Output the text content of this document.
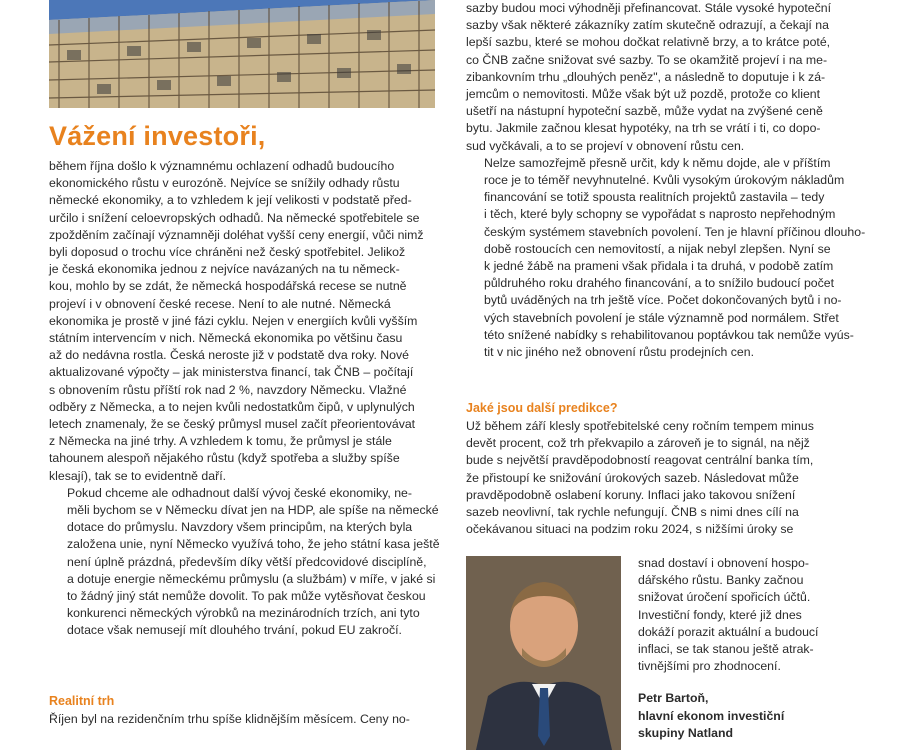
Vážení investoři,

během října došlo k významnému ochlazení odhadů budoucího
ekonomického růstu v eurozóně. Nejvíce se snížily odhady růstu
německé ekonomiky, a to vzhledem k její velikosti v podstatě před-
určilo i snížení celoevropských odhadů. Na německé spotřebitele se
zpožděním začínají významněji doléhat vyšší ceny energií, vůči nimž
byli doposud o trochu více chráněni než český spotřebitel. Jelikož
je česká ekonomika jednou z nejvíce navázaných na tu německ-
kou, mohlo by se zdát, že německá hospodářská recese se nutně
projeví i v obnovení české recese. Není to ale nutné. Německá
ekonomika je prostě v jiné fázi cyklu. Nejen v energiích kvůli vyšším
státním intervencím v nich. Německá ekonomika po většinu času
až do nedávna rostla. Česká neroste již v podstatě dva roky. Nové
aktualizované výpočty – jak ministerstva financí, tak ČNB – počítají
s obnovením růstu příští rok nad 2 %, navzdory Německu. Vlažné
odběry z Německa, a to nejen kvůli nedostatkům čipů, v uplynulých
letech znamenaly, že se český průmysl musel začít přeorientovávat
z Německa na jiné trhy. A vzhledem k tomu, že průmysl je stále
tahounem alespoň nějakého růstu (když spotřeba a služby spíše
klesají), tak se to evidentně daří.

Pokud chceme ale odhadnout další vývoj české ekonomiky, ne-
měli bychom se v Německu dívat jen na HDP, ale spíše na německé
dotace do průmyslu. Navzdory všem principům, na kterých byla
založena unie, nyní Německo využívá toho, že jeho státní kasa ještě
není úplně prázdná, především díky větší předcovidové disciplíně,
a dotuje energie německému průmyslu (a službám) v míře, v jaké si
to žádný jiný stát nemůže dovolit. To pak může vytěsňovat českou
konkurenci německých výrobků na mezinárodních trzích, ani tyto
dotace však nemusejí mít dlouhého trvání, pokud EU zakročí.

Realitní trh
Říjen byl na rezidenčním trhu spíše klidnějším měsícem. Ceny no-

sazby budou moci výhodněji přefinancovat. Stále vysoké hypoteční
sazby však některé zákazníky zatím skutečně odrazují, a čekají na
lepší sazbu, které se mohou dočkat relativně brzy, a to krátce poté,
co ČNB začne snižovat své sazby. To se okamžitě projeví i na me-
zibankovním trhu „dlouhých peněz", a následně to doputuje i k zá-
jemcům o nemovitosti. Může však být už pozdě, protože co klient
ušetří na nástupní hypoteční sazbě, může vydat na zvýšené ceně
bytu. Jakmile začnou klesat hypotéky, na trh se vrátí i ti, co dopo-
sud vyčkávali, a to se projeví v obnovení růstu cen.

Nelze samozřejmě přesně určit, kdy k němu dojde, ale v příštím
roce je to téměř nevyhnutelné. Kvůli vysokým úrokovým nákladům
financování se totiž spousta realitních projektů zastavila – tedy
i těch, které byly schopny se vypořádat s naprosto nepřehodným
českým systémem stavebních povolení. Ten je hlavní příčinou dlouho-
době rostoucích cen nemovitostí, a nijak nebyl zlepšen. Nyní se
k jedné žábě na prameni však přidala i ta druhá, v podobě zatím
půldruhého roku drahého financování, a to snížilo budoucí počet
bytů uváděných na trh ještě více. Počet dokončovaných bytů i no-
vých stavebních povolení je stále významně pod normálem. Střet
této snížené nabídky s rehabilitovanou poptávkou tak nemůže vyús-
tit v nic jiného než obnovení růstu prodejních cen.

Jaké jsou další predikce?
Už během září klesly spotřebitelské ceny ročním tempem minus
devět procent, což trh překvapilo a zároveň je to signál, na nějž
bude s největší pravděpodobností reagovat centrální banka tím,
že přistoupí ke snižování úrokových sazeb. Následovat může
pravděpodobně oslabení koruny. Inflaci jako takovou snížení
sazeb neovlivní, tak rychle nefungují. ČNB s nimi dnes cílí na
očekávanou situaci na podzim roku 2024, s nižšími úroky se
snad dostaví i obnovení hospo-
dářského růstu. Banky začnou
snižovat úročení spořicích účtů.
Investiční fondy, které již dnes
dokáží porazit aktuální a budoucí
inflaci, se tak stanou ještě atrak-
tivnějšími pro zhodnocení.
Petr Bartoň,
hlavní ekonom investiční
skupiny Natland
